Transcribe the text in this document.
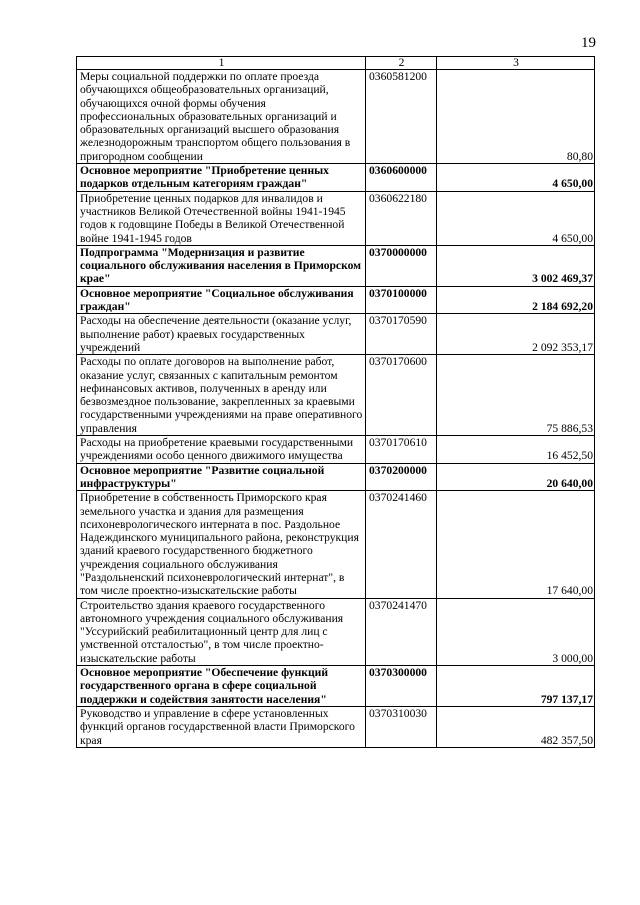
19
1	2	3
Меры социальной поддержки по оплате проезда обучающихся общеобразовательных организаций, обучающихся очной формы обучения профессиональных образовательных организаций и образовательных организаций высшего образования железнодорожным транспортом общего пользования в пригородном сообщении	0360581200	80,80
Основное мероприятие "Приобретение ценных подарков отдельным категориям граждан"	0360600000	4 650,00
Приобретение ценных подарков для инвалидов и участников Великой Отечественной войны 1941-1945 годов к годовщине Победы в Великой Отечественной войне 1941-1945 годов	0360622180	4 650,00
Подпрограмма "Модернизация и развитие социального обслуживания населения в Приморском крае"	0370000000	3 002 469,37
Основное мероприятие "Социальное обслуживания граждан"	0370100000	2 184 692,20
Расходы на обеспечение деятельности (оказание услуг, выполнение работ) краевых государственных учреждений	0370170590	2 092 353,17
Расходы по оплате договоров на выполнение работ, оказание услуг, связанных с капитальным ремонтом нефинансовых активов, полученных в аренду или безвозмездное пользование, закрепленных за краевыми государственными учреждениями на праве оперативного управления	0370170600	75 886,53
Расходы на приобретение краевыми государственными учреждениями особо ценного движимого имущества	0370170610	16 452,50
Основное мероприятие "Развитие социальной инфраструктуры"	0370200000	20 640,00
Приобретение в собственность Приморского края земельного участка и здания для размещения психоневрологического интерната в пос. Раздольное Надеждинского муниципального района, реконструкция зданий краевого государственного бюджетного учреждения социального обслуживания "Раздольненский психоневрологический интернат", в том числе проектно-изыскательские работы	0370241460	17 640,00
Строительство здания краевого государственного автономного учреждения социального обслуживания "Уссурийский реабилитационный центр для лиц с умственной отсталостью", в том числе проектно-изыскательские работы	0370241470	3 000,00
Основное мероприятие "Обеспечение функций государственного органа в сфере социальной поддержки и содействия занятости населения"	0370300000	797 137,17
Руководство и управление в сфере установленных функций органов государственной власти Приморского края	0370310030	482 357,50
